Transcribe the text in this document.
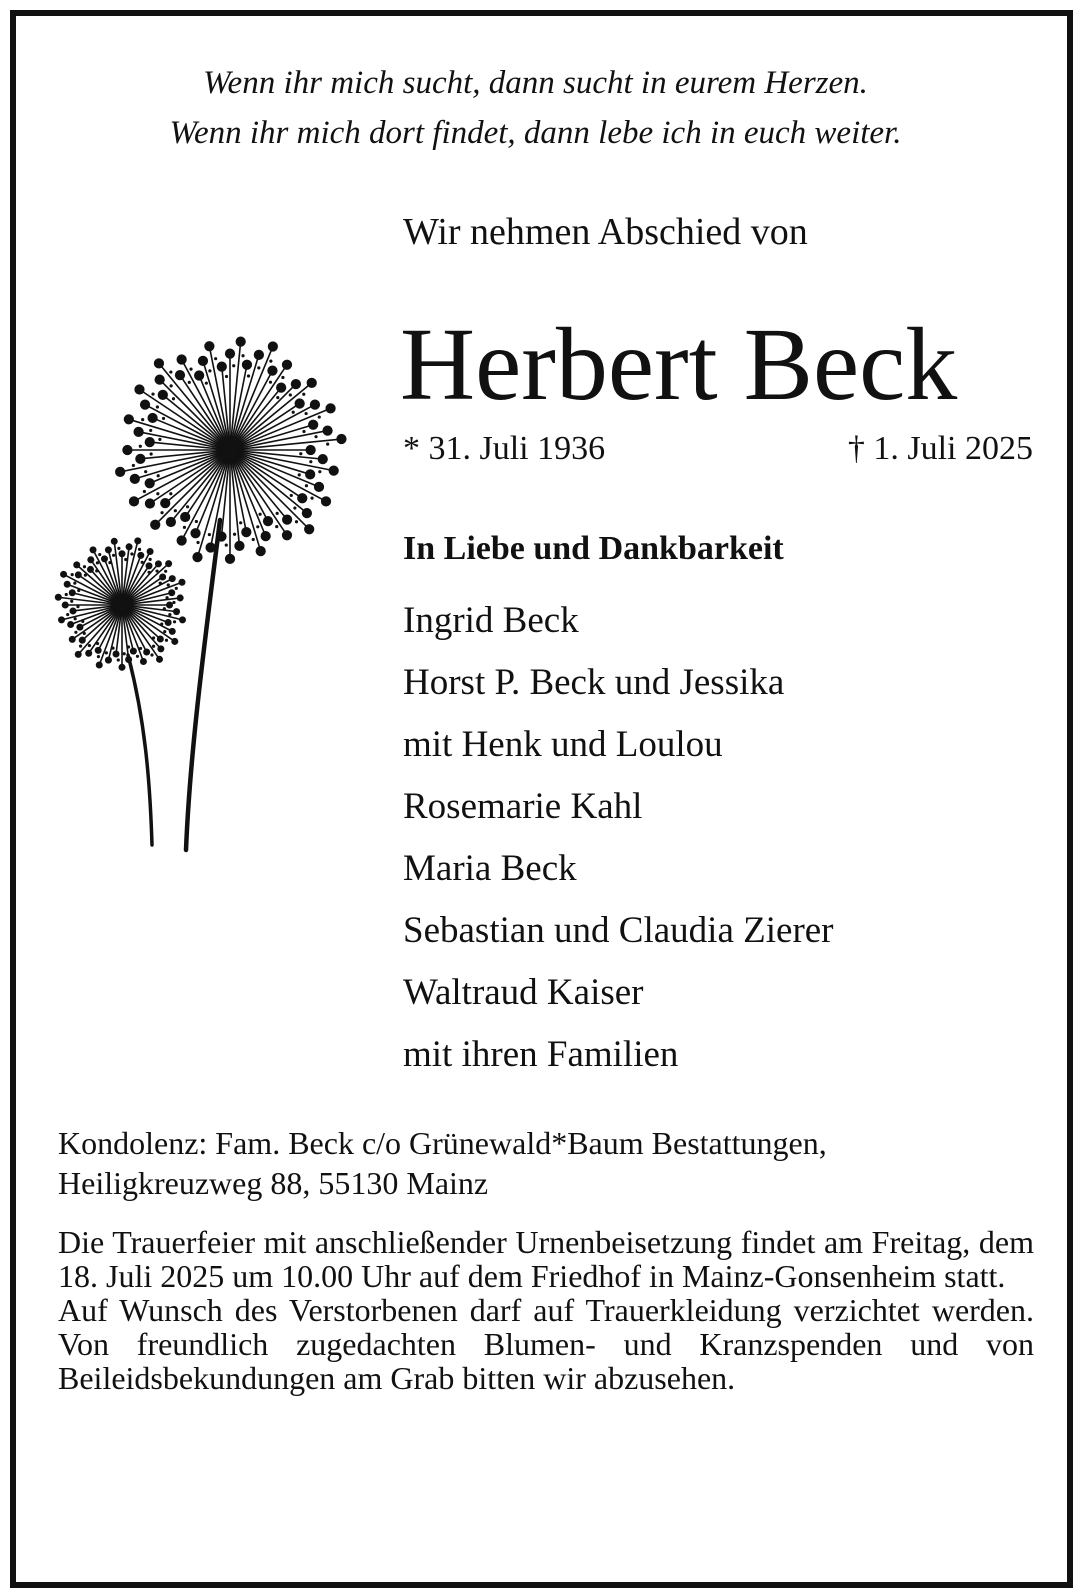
Wenn ihr mich sucht, dann sucht in eurem Herzen.
Wenn ihr mich dort findet, dann lebe ich in euch weiter.
Wir nehmen Abschied von
Herbert Beck
* 31. Juli 1936	† 1. Juli 2025
In Liebe und Dankbarkeit
Ingrid Beck
Horst P. Beck und Jessika
mit Henk und Loulou
Rosemarie Kahl
Maria Beck
Sebastian und Claudia Zierer
Waltraud Kaiser
mit ihren Familien
Kondolenz: Fam. Beck c/o Grünewald*Baum Bestattungen,
Heiligkreuzweg 88, 55130 Mainz

Die Trauerfeier mit anschließender Urnenbeisetzung findet am Freitag, dem 18. Juli 2025 um 10.00 Uhr auf dem Friedhof in Mainz-Gonsenheim statt.

Auf Wunsch des Verstorbenen darf auf Trauerkleidung verzichtet werden. Von freundlich zugedachten Blumen- und Kranzspenden und von Beileidsbekundungen am Grab bitten wir abzusehen.
